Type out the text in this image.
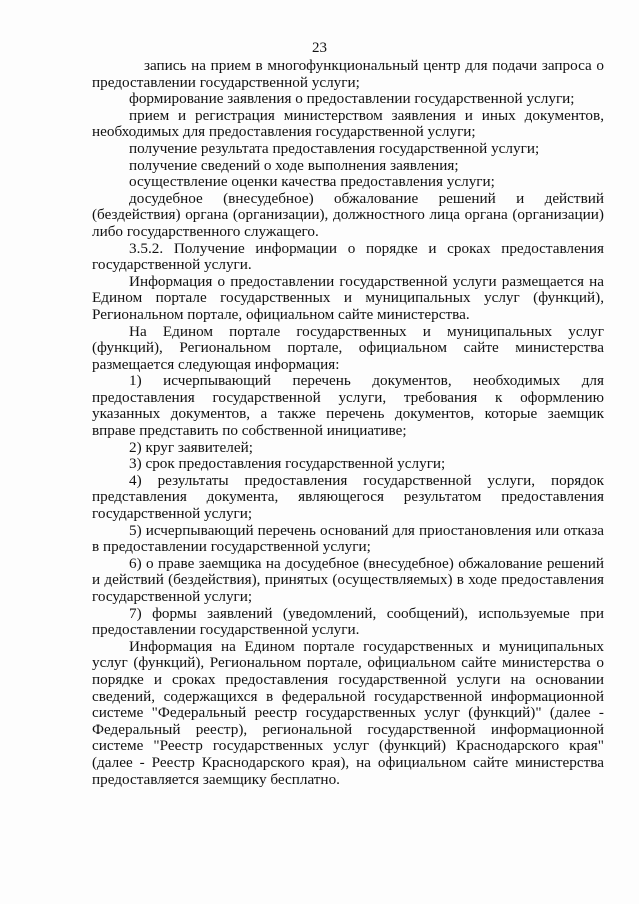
23

запись на прием в многофункциональный центр для подачи запроса о предоставлении государственной услуги;

формирование заявления о предоставлении государственной услуги;

прием и регистрация министерством заявления и иных документов, необходимых для предоставления государственной услуги;

получение результата предоставления государственной услуги;

получение сведений о ходе выполнения заявления;

осуществление оценки качества предоставления услуги;

досудебное (внесудебное) обжалование решений и действий (бездействия) органа (организации), должностного лица органа (организации) либо государственного служащего.

3.5.2. Получение информации о порядке и сроках предоставления государственной услуги.

Информация о предоставлении государственной услуги размещается на Едином портале государственных и муниципальных услуг (функций), Региональном портале, официальном сайте министерства.

На Едином портале государственных и муниципальных услуг (функций), Региональном портале, официальном сайте министерства размещается следующая информация:

1) исчерпывающий перечень документов, необходимых для предоставления государственной услуги, требования к оформлению указанных документов, а также перечень документов, которые заемщик вправе представить по собственной инициативе;

2) круг заявителей;

3) срок предоставления государственной услуги;

4) результаты предоставления государственной услуги, порядок представления документа, являющегося результатом предоставления государственной услуги;

5) исчерпывающий перечень оснований для приостановления или отказа в предоставлении государственной услуги;

6) о праве заемщика на досудебное (внесудебное) обжалование решений и действий (бездействия), принятых (осуществляемых) в ходе предоставления государственной услуги;

7) формы заявлений (уведомлений, сообщений), используемые при предоставлении государственной услуги.

Информация на Едином портале государственных и муниципальных услуг (функций), Региональном портале, официальном сайте министерства о порядке и сроках предоставления государственной услуги на основании сведений, содержащихся в федеральной государственной информационной системе "Федеральный реестр государственных услуг (функций)" (далее - Федеральный реестр), региональной государственной информационной системе "Реестр государственных услуг (функций) Краснодарского края" (далее - Реестр Краснодарского края), на официальном сайте министерства предоставляется заемщику бесплатно.
